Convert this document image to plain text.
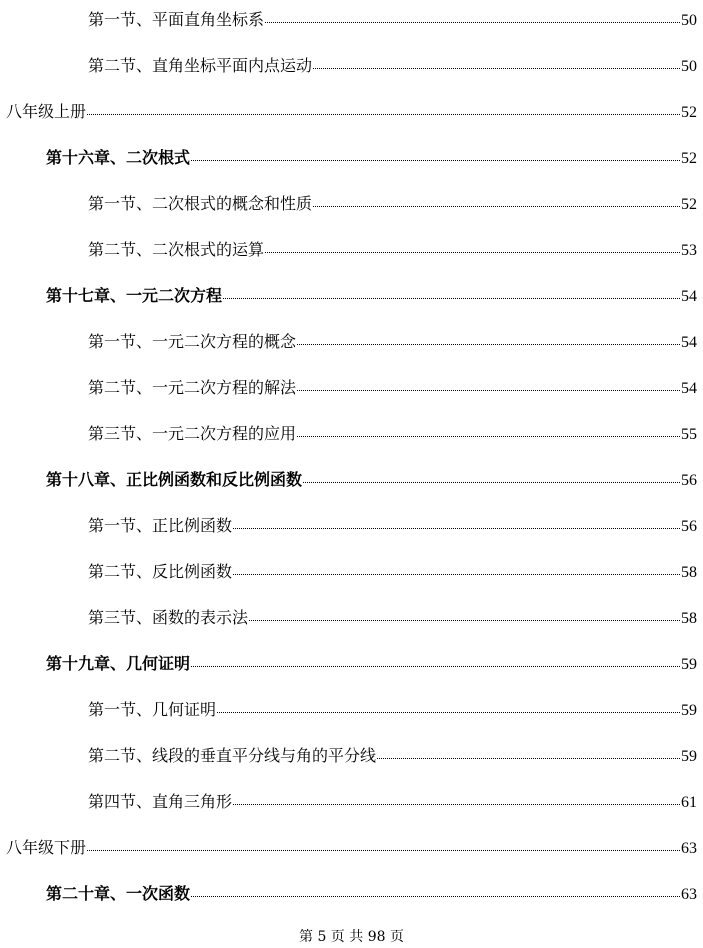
第一节、平面直角坐标系	50
第二节、直角坐标平面内点运动	50
八年级上册	52
第十六章、二次根式	52
第一节、二次根式的概念和性质	52
第二节、二次根式的运算	53
第十七章、一元二次方程	54
第一节、一元二次方程的概念	54
第二节、一元二次方程的解法	54
第三节、一元二次方程的应用	55
第十八章、正比例函数和反比例函数	56
第一节、正比例函数	56
第二节、反比例函数	58
第三节、函数的表示法	58
第十九章、几何证明	59
第一节、几何证明	59
第二节、线段的垂直平分线与角的平分线	59
第四节、直角三角形	61
八年级下册	63
第二十章、一次函数	63
第 5 页 共 98 页
